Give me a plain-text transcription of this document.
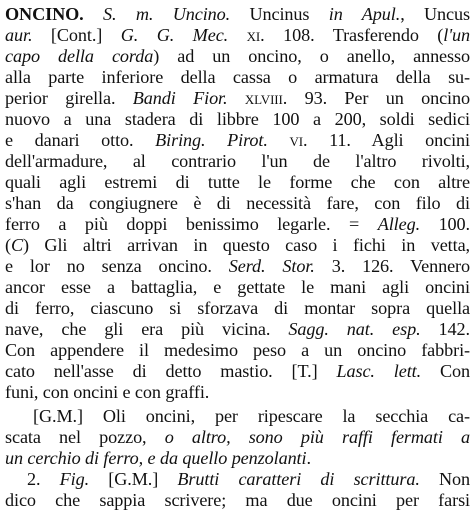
ONCINO. S. m. Uncino. Uncinus in Apul., Uncus
aur. [Cont.] G. G. Mec. xi. 108. Trasferendo (l'un
capo della corda) ad un oncino, o anello, annesso
alla parte inferiore della cassa o armatura della su-
perior girella. Bandi Fior. xlviii. 93. Per un oncino
nuovo a una stadera di libbre 100 a 200, soldi sedici
e danari otto. Biring. Pirot. vi. 11. Agli oncini
dell'armadure, al contrario l'un de l'altro rivolti,
quali agli estremi di tutte le forme che con altre
s'han da congiugnere è di necessità fare, con filo di
ferro a più doppi benissimo legarle. = Alleg. 100.
(C) Gli altri arrivan in questo caso i fichi in vetta,
e lor no senza oncino. Serd. Stor. 3. 126. Vennero
ancor esse a battaglia, e gettate le mani agli oncini
di ferro, ciascuno si sforzava di montar sopra quella
nave, che gli era più vicina. Sagg. nat. esp. 142.
Con appendere il medesimo peso a un oncino fabbri-
cato nell'asse di detto mastio. [T.] Lasc. lett. Con
funi, con oncini e con graffi.
[G.M.] Oli oncini, per ripescare la secchia ca-
scata nel pozzo, o altro, sono più raffi fermati a
un cerchio di ferro, e da quello penzolanti.
2. Fig. [G.M.] Brutti caratteri di scrittura. Non
dico che sappia scrivere; ma due oncini per farsi
